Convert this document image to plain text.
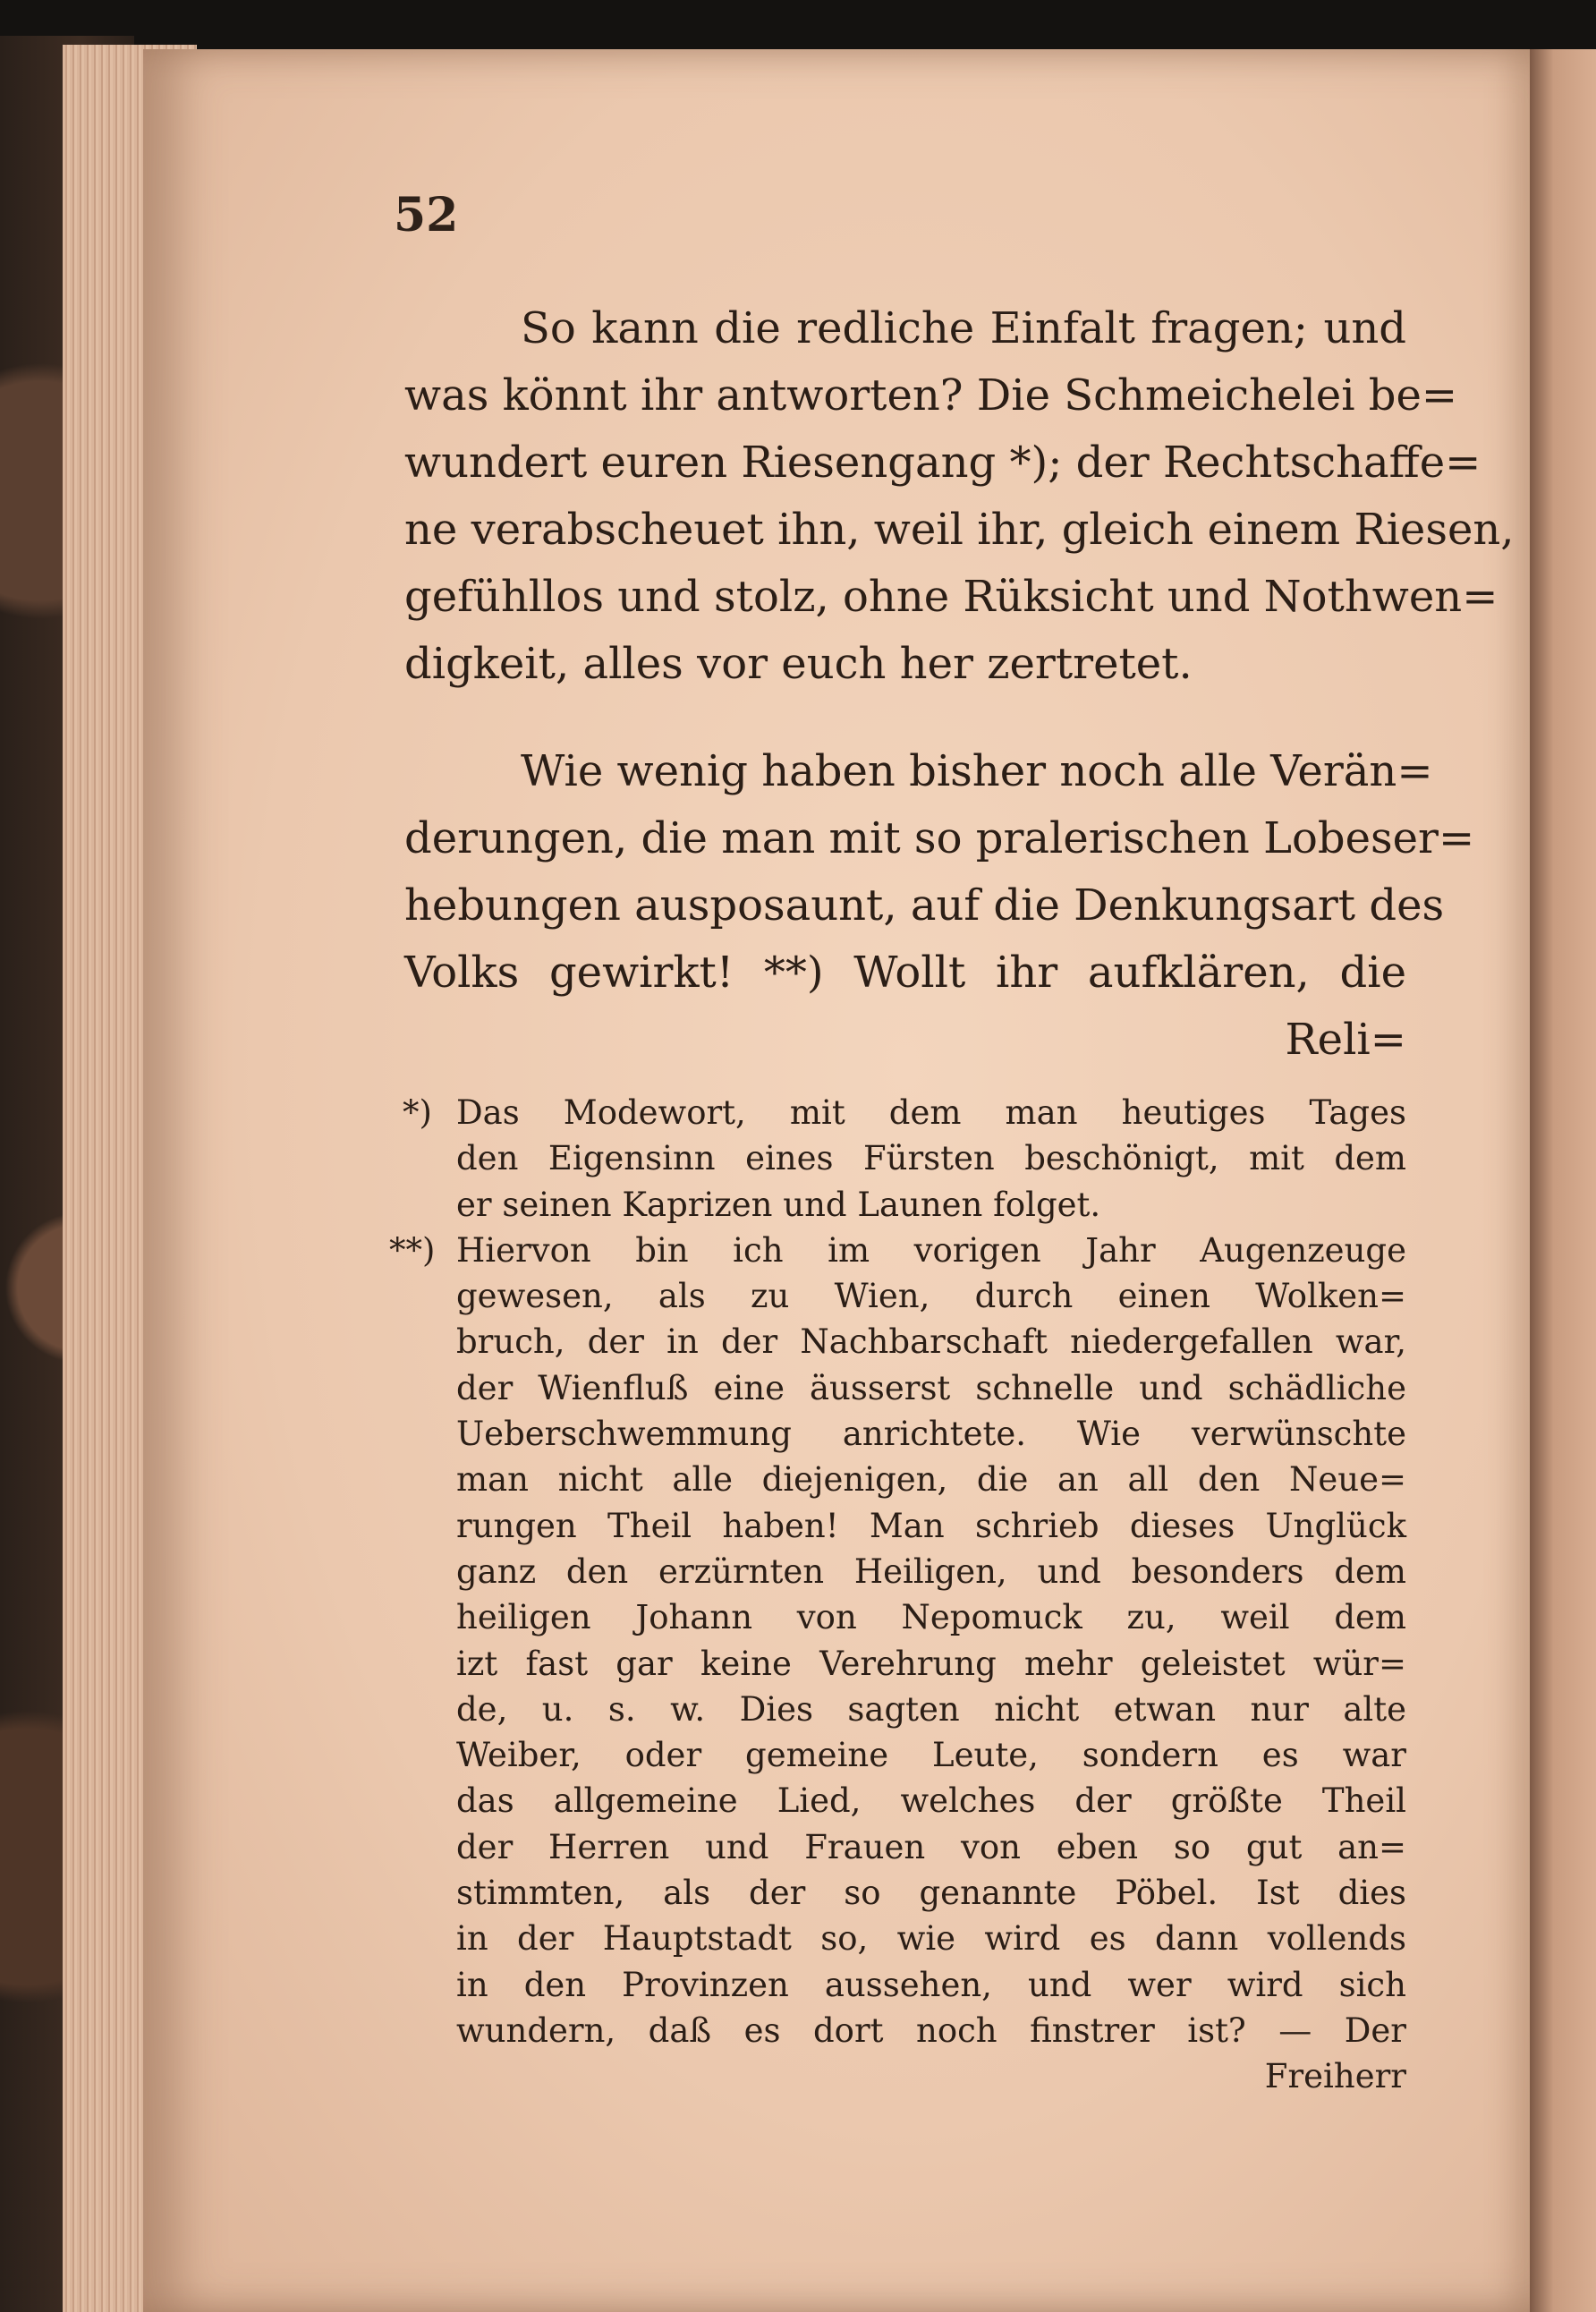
52
So kann die redliche Einfalt fragen; und
was könnt ihr antworten? Die Schmeichelei be=
wundert euren Riesengang *); der Rechtschaffe=
ne verabscheuet ihn, weil ihr, gleich einem Riesen,
gefühllos und stolz, ohne Rüksicht und Nothwen=
digkeit, alles vor euch her zertretet.
Wie wenig haben bisher noch alle Verän=
derungen, die man mit so pralerischen Lobeser=
hebungen ausposaunt, auf die Denkungsart des
Volks gewirkt! **) Wollt ihr aufklären, die
Reli=
*) Das Modewort, mit dem man heutiges Tages
den Eigensinn eines Fürsten beschönigt, mit dem
er seinen Kaprizen und Launen folget.
**) Hiervon bin ich im vorigen Jahr Augenzeuge
gewesen, als zu Wien, durch einen Wolken=
bruch, der in der Nachbarschaft niedergefallen war,
der Wienfluß eine äusserst schnelle und schädliche
Ueberschwemmung anrichtete. Wie verwünschte
man nicht alle diejenigen, die an all den Neue=
rungen Theil haben! Man schrieb dieses Unglück
ganz den erzürnten Heiligen, und besonders dem
heiligen Johann von Nepomuck zu, weil dem
izt fast gar keine Verehrung mehr geleistet wür=
de, u. s. w. Dies sagten nicht etwan nur alte
Weiber, oder gemeine Leute, sondern es war
das allgemeine Lied, welches der größte Theil
der Herren und Frauen von eben so gut an=
stimmten, als der so genannte Pöbel. Ist dies
in der Hauptstadt so, wie wird es dann vollends
in den Provinzen aussehen, und wer wird sich
wundern, daß es dort noch finstrer ist? — Der
Freiherr
